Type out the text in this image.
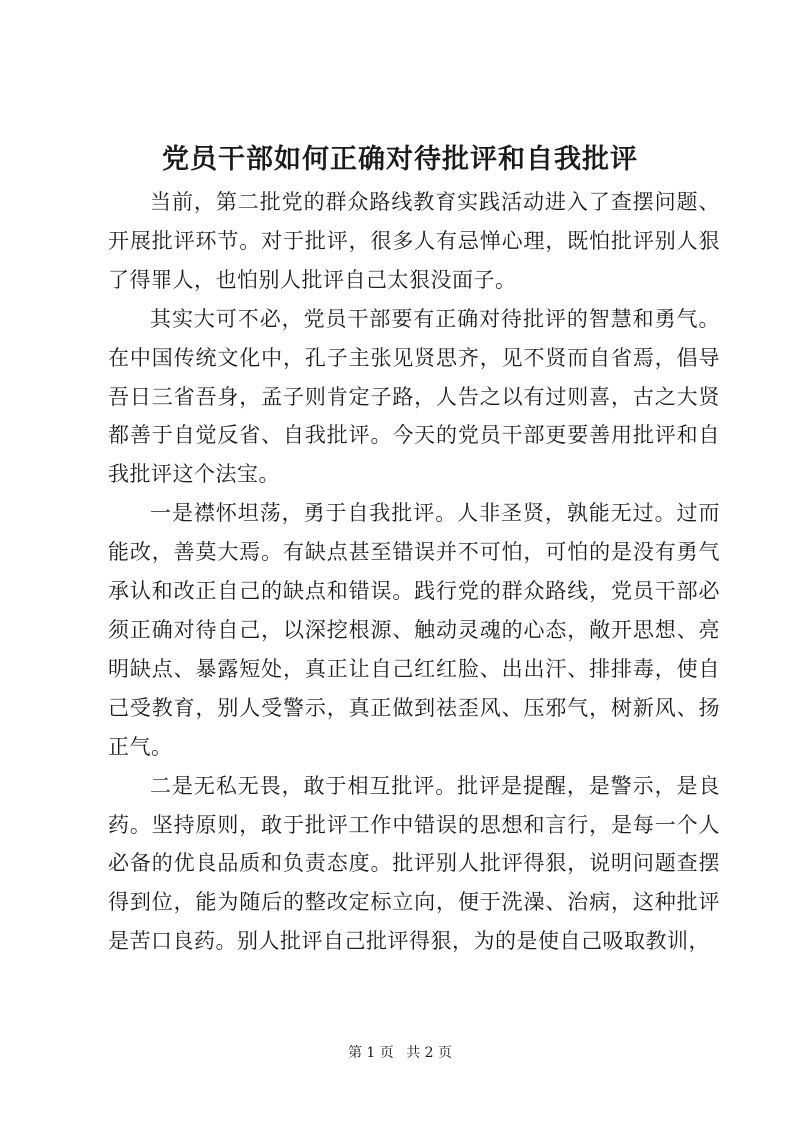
党员干部如何正确对待批评和自我批评

当前，第二批党的群众路线教育实践活动进入了查摆问题、开展批评环节。对于批评，很多人有忌惮心理，既怕批评别人狠了得罪人，也怕别人批评自己太狠没面子。

其实大可不必，党员干部要有正确对待批评的智慧和勇气。在中国传统文化中，孔子主张见贤思齐，见不贤而自省焉，倡导吾日三省吾身，孟子则肯定子路，人告之以有过则喜，古之大贤都善于自觉反省、自我批评。今天的党员干部更要善用批评和自我批评这个法宝。

一是襟怀坦荡，勇于自我批评。人非圣贤，孰能无过。过而能改，善莫大焉。有缺点甚至错误并不可怕，可怕的是没有勇气承认和改正自己的缺点和错误。践行党的群众路线，党员干部必须正确对待自己，以深挖根源、触动灵魂的心态，敞开思想、亮明缺点、暴露短处，真正让自己红红脸、出出汗、排排毒，使自己受教育，别人受警示，真正做到祛歪风、压邪气，树新风、扬正气。

二是无私无畏，敢于相互批评。批评是提醒，是警示，是良药。坚持原则，敢于批评工作中错误的思想和言行，是每一个人必备的优良品质和负责态度。批评别人批评得狠，说明问题查摆得到位，能为随后的整改定标立向，便于洗澡、治病，这种批评是苦口良药。别人批评自己批评得狠，为的是使自己吸取教训，

第 1 页 共 2 页
